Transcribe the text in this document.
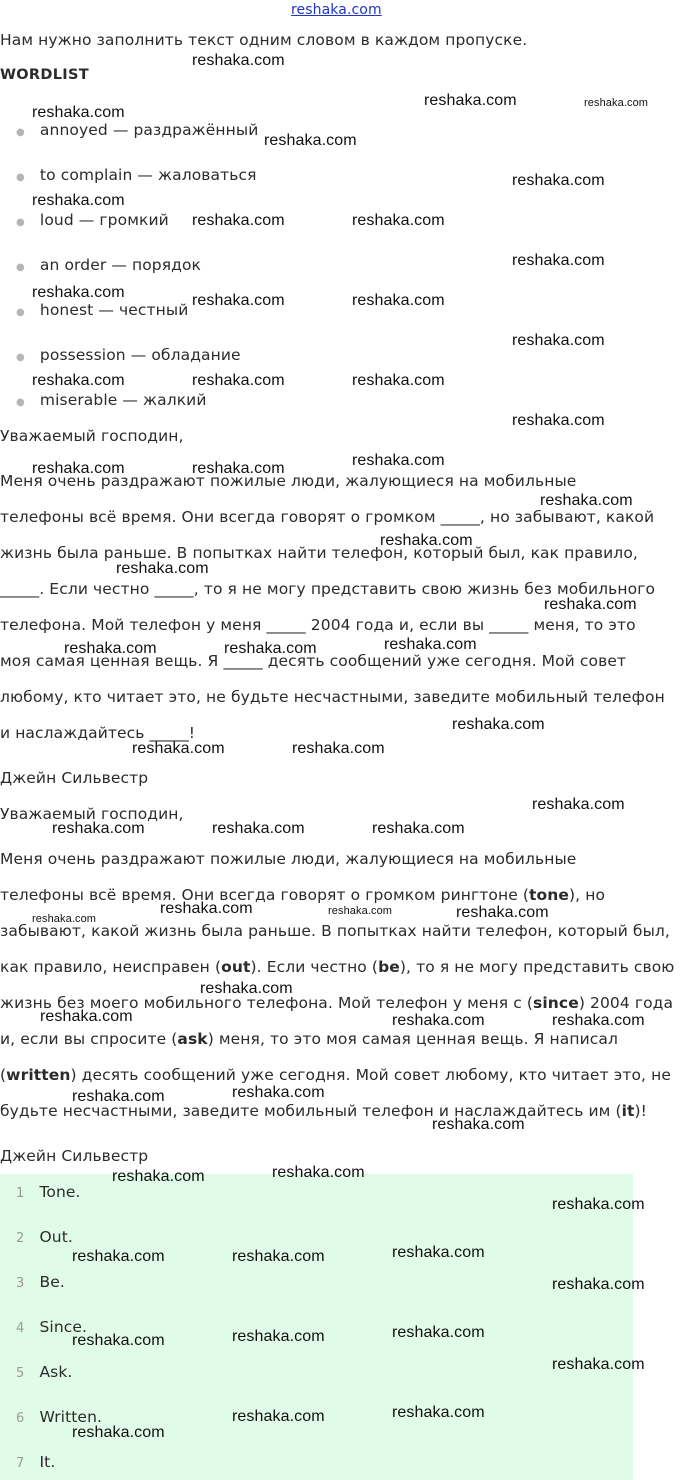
reshaka.com
Нам нужно заполнить текст одним словом в каждом пропуске.
WORDLIST
● annoyed — раздражённый
● to complain — жаловаться
● loud — громкий
● an order — порядок
● honest — честный
● possession — обладание
● miserable — жалкий
Уважаемый господин,
Меня очень раздражают пожилые люди, жалующиеся на мобильные
телефоны всё время. Они всегда говорят о громком _____, но забывают, какой
жизнь была раньше. В попытках найти телефон, который был, как правило,
_____. Если честно _____, то я не могу представить свою жизнь без мобильного
телефона. Мой телефон у меня _____ 2004 года и, если вы _____ меня, то это
моя самая ценная вещь. Я _____ десять сообщений уже сегодня. Мой совет
любому, кто читает это, не будьте несчастными, заведите мобильный телефон
и наслаждайтесь _____!
Джейн Сильвестр
Уважаемый господин,
Меня очень раздражают пожилые люди, жалующиеся на мобильные
телефоны всё время. Они всегда говорят о громком рингтоне (tone), но
забывают, какой жизнь была раньше. В попытках найти телефон, который был,
как правило, неисправен (out). Если честно (be), то я не могу представить свою
жизнь без моего мобильного телефона. Мой телефон у меня с (since) 2004 года
и, если вы спросите (ask) меня, то это моя самая ценная вещь. Я написал
(written) десять сообщений уже сегодня. Мой совет любому, кто читает это, не
будьте несчастными, заведите мобильный телефон и наслаждайтесь им (it)!
Джейн Сильвестр
1 Tone.
2 Out.
3 Be.
4 Since.
5 Ask.
6 Written.
7 It.
reshaka.com
reshaka.com	reshaka.com
reshaka.com
reshaka.com
reshaka.com
reshaka.com
reshaka.com	reshaka.com
reshaka.com
reshaka.com	reshaka.com	reshaka.com
reshaka.com
reshaka.com	reshaka.com	reshaka.com
reshaka.com
reshaka.com
reshaka.com	reshaka.com
reshaka.com
reshaka.com
reshaka.com
reshaka.com
reshaka.com
reshaka.com	reshaka.com
reshaka.com
reshaka.com	reshaka.com
reshaka.com
reshaka.com	reshaka.com	reshaka.com
reshaka.com	reshaka.com	reshaka.com
reshaka.com
reshaka.com
reshaka.com	reshaka.com	reshaka.com
reshaka.com
reshaka.com
reshaka.com
reshaka.com
reshaka.com
reshaka.com
reshaka.com
reshaka.com	reshaka.com
reshaka.com
reshaka.com
reshaka.com
reshaka.com
reshaka.com
reshaka.com
reshaka.com
reshaka.com
